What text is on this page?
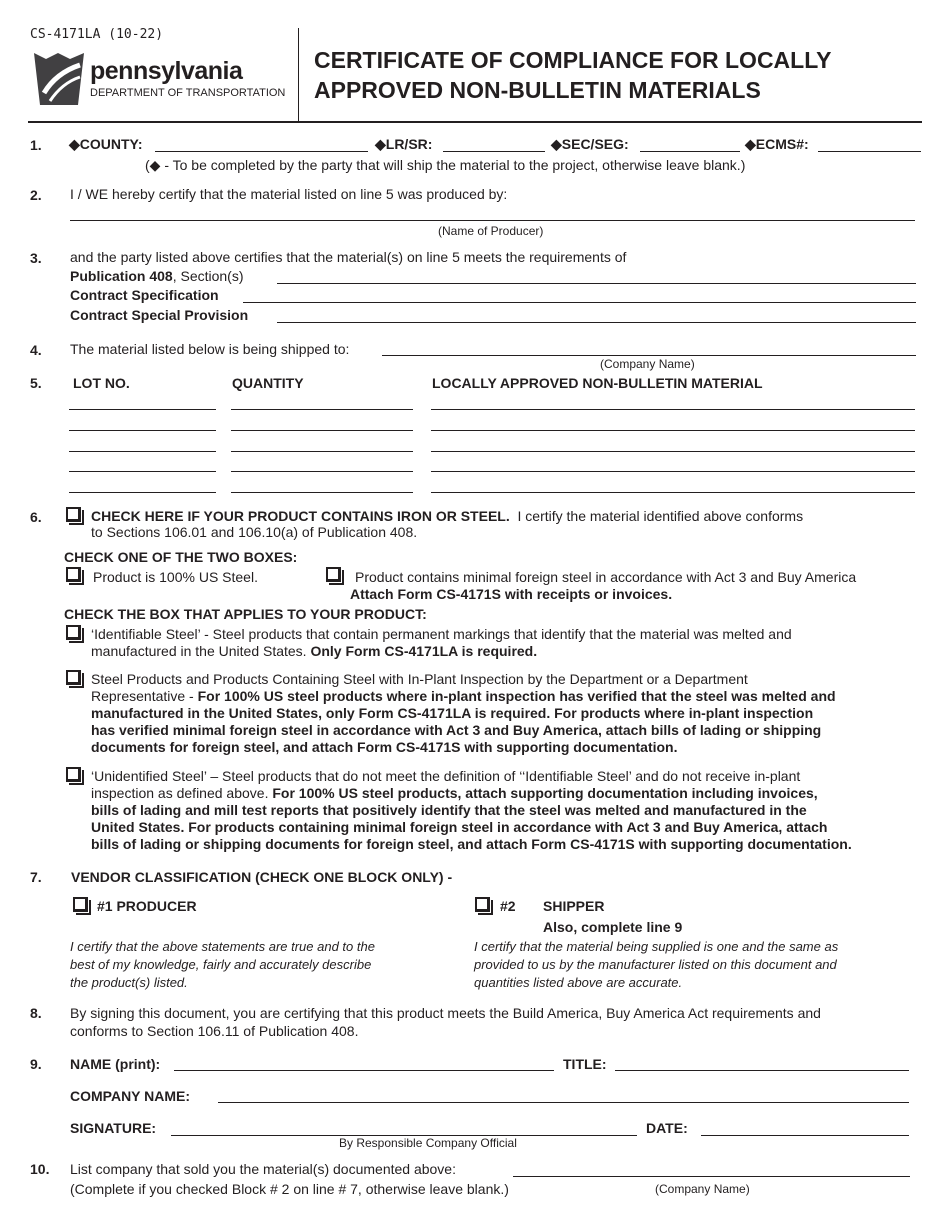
CS-4171LA (10-22)
pennsylvania
DEPARTMENT OF TRANSPORTATION
CERTIFICATE OF COMPLIANCE FOR LOCALLY
APPROVED NON-BULLETIN MATERIALS
1. ◆COUNTY:	◆LR/SR:	◆SEC/SEG:	◆ECMS#:
(◆ - To be completed by the party that will ship the material to the project, otherwise leave blank.)
2. I / WE hereby certify that the material listed on line 5 was produced by:
(Name of Producer)
3. and the party listed above certifies that the material(s) on line 5 meets the requirements of
Publication 408, Section(s)
Contract Specification
Contract Special Provision
4. The material listed below is being shipped to:
(Company Name)
5. LOT NO.	QUANTITY	LOCALLY APPROVED NON-BULLETIN MATERIAL
6.	CHECK HERE IF YOUR PRODUCT CONTAINS IRON OR STEEL. I certify the material identified above conforms
to Sections 106.01 and 106.10(a) of Publication 408.
CHECK ONE OF THE TWO BOXES:
Product is 100% US Steel.	Product contains minimal foreign steel in accordance with Act 3 and Buy America
Attach Form CS-4171S with receipts or invoices.
CHECK THE BOX THAT APPLIES TO YOUR PRODUCT:
‘Identifiable Steel’ - Steel products that contain permanent markings that identify that the material was melted and
manufactured in the United States. Only Form CS-4171LA is required.
Steel Products and Products Containing Steel with In-Plant Inspection by the Department or a Department
Representative - For 100% US steel products where in-plant inspection has verified that the steel was melted and
manufactured in the United States, only Form CS-4171LA is required. For products where in-plant inspection
has verified minimal foreign steel in accordance with Act 3 and Buy America, attach bills of lading or shipping
documents for foreign steel, and attach Form CS-4171S with supporting documentation.
‘Unidentified Steel’ – Steel products that do not meet the definition of ‘‘Identifiable Steel’ and do not receive in-plant
inspection as defined above. For 100% US steel products, attach supporting documentation including invoices,
bills of lading and mill test reports that positively identify that the steel was melted and manufactured in the
United States. For products containing minimal foreign steel in accordance with Act 3 and Buy America, attach
bills of lading or shipping documents for foreign steel, and attach Form CS-4171S with supporting documentation.
7. VENDOR CLASSIFICATION (CHECK ONE BLOCK ONLY) -
#1 PRODUCER
I certify that the above statements are true and to the
best of my knowledge, fairly and accurately describe
the product(s) listed.
#2 SHIPPER
Also, complete line 9
I certify that the material being supplied is one and the same as
provided to us by the manufacturer listed on this document and
quantities listed above are accurate.
8. By signing this document, you are certifying that this product meets the Build America, Buy America Act requirements and
conforms to Section 106.11 of Publication 408.
9. NAME (print):	TITLE:
COMPANY NAME:
SIGNATURE:	DATE:
By Responsible Company Official
10. List company that sold you the material(s) documented above:
(Complete if you checked Block # 2 on line # 7, otherwise leave blank.)	(Company Name)
